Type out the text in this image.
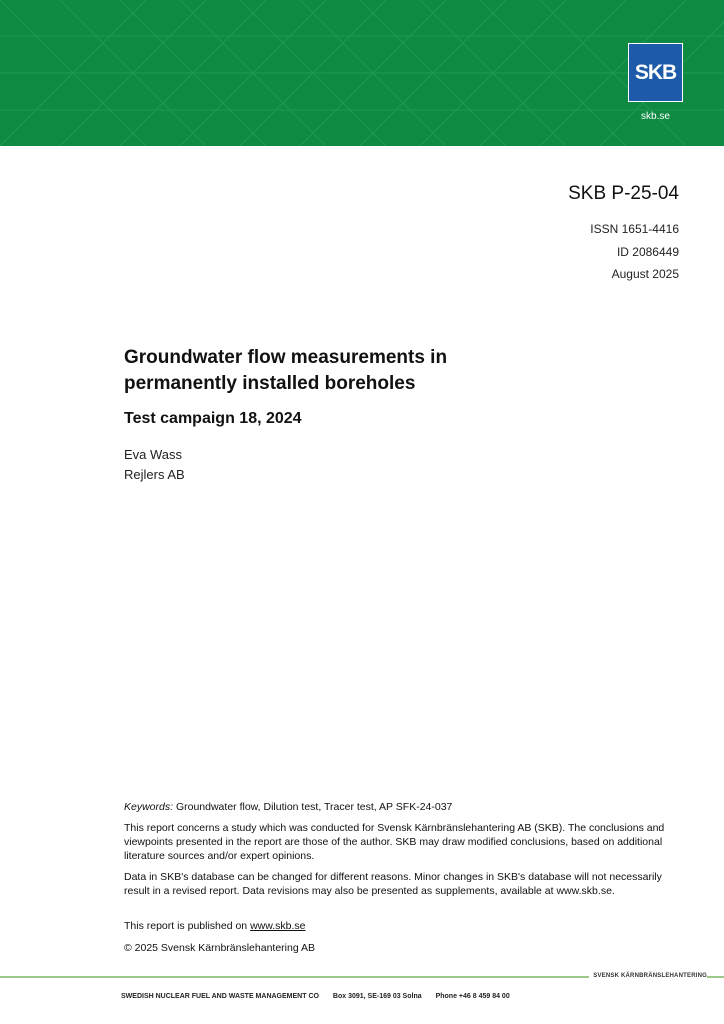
SKB
skb.se
SKB P-25-04
ISSN 1651-4416
ID 2086449
August 2025
Groundwater flow measurements in permanently installed boreholes
Test campaign 18, 2024
Eva Wass
Rejlers AB
Keywords: Groundwater flow, Dilution test, Tracer test, AP SFK-24-037
This report concerns a study which was conducted for Svensk Kärnbränslehantering AB (SKB). The conclusions and viewpoints presented in the report are those of the author. SKB may draw modified conclusions, based on additional literature sources and/or expert opinions.
Data in SKB's database can be changed for different reasons. Minor changes in SKB's database will not necessarily result in a revised report. Data revisions may also be presented as supplements, available at www.skb.se.
This report is published on www.skb.se
© 2025 Svensk Kärnbränslehantering AB
SVENSK KÄRNBRÄNSLEHANTERING
SWEDISH NUCLEAR FUEL AND WASTE MANAGEMENT CO Box 3091, SE-169 03 Solna Phone +46 8 459 84 00
